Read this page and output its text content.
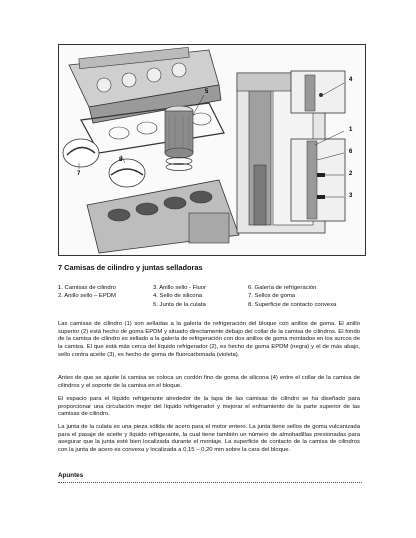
4
5
1
6
2
3
7
8
7 Camisas de cilindro y juntas selladoras
1. Camisas de cilindro
2. Anillo sello – EPDM
3. Anillo sello - Fluor
4. Sello de silicona
5. Junta de la culata
6. Galería de refrigeración
7. Sellos de goma
8. Superficie de contacto convexa

Las camisas de cilindro (1) son selladas a la galería de refrigeración del bloque con anillos de goma. El anillo superior (2) está hecho de goma EPDM y situado directamente debajo del collar de la camisa de cilindros. El fondo de la camisa de cilindro es sellado a la galería de refrigeración con dos anillos de goma montados en los surcos de la camisa. El que está más cerca del líquido refrigerador (2), es hecho de goma EPDM (negra) y el de más abajo, sello contra aceite (3), es hecho de goma de fluorcarbonada (violeta).

Antes de que se ajuste la camisa se coloca un cordón fino de goma de silicona (4) entre el collar de la camisa de cilindros y el soporte de la camisa en el bloque.

El espacio para el líquido refrigerante alrededor de la tapa de las camisas de cilindro se ha diseñado para proporcionar una circulación mejor del líquido refrigerador y mejorar el enfriamiento de la parte superior de las camisas de cilindro.

La junta de la culata es una pieza sólida de acero para el motor entero. La junta tiene sellos de goma vulcanizada para el pasaje de aceite y líquido refrigerante, la cual tiene también un número de almohadillas presionadas para asegurar que la junta esté bien localizada durante el montaje. La superficie de contacto de la camisa de cilindros con la junta de acero es convexa y localizada a 0,15 – 0,20 mm sobre la cara del bloque.

Apuntes
